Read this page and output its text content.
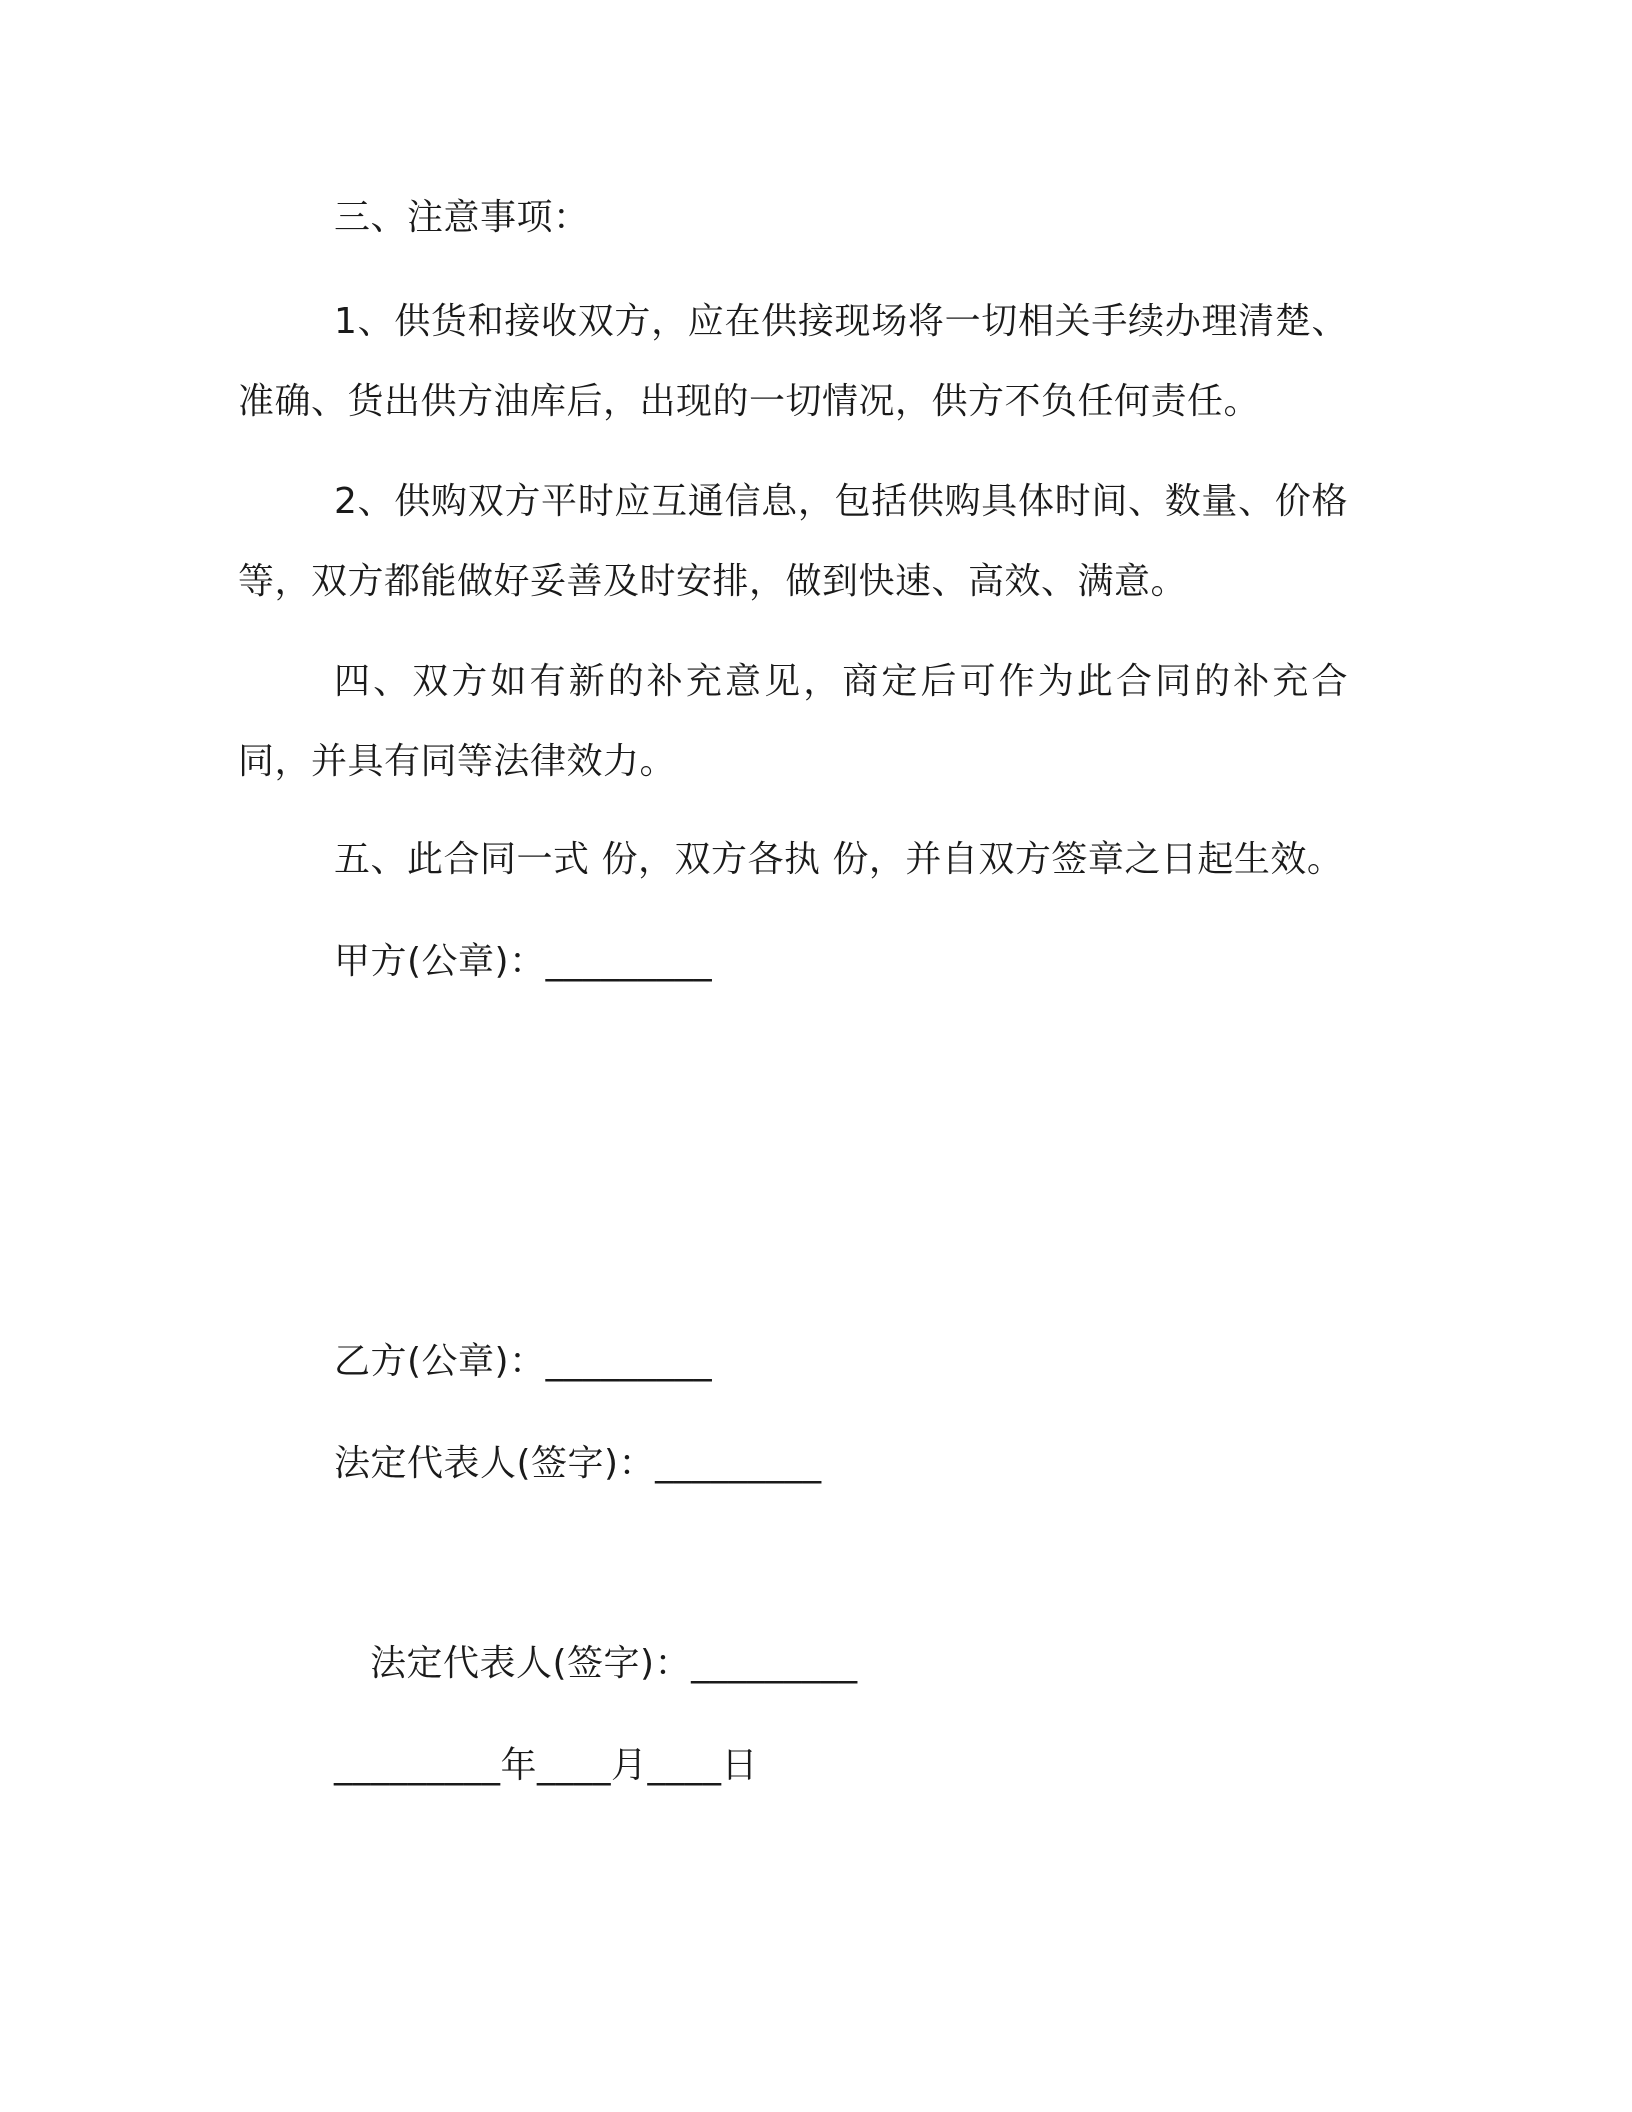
三、注意事项：
1、供货和接收双方，应在供接现场将一切相关手续办理清楚、准确、货出供方油库后，出现的一切情况，供方不负任何责任。
2、供购双方平时应互通信息，包括供购具体时间、数量、价格等，双方都能做好妥善及时安排，做到快速、高效、满意。
四、双方如有新的补充意见，商定后可作为此合同的补充合同，并具有同等法律效力。
五、此合同一式 份，双方各执 份，并自双方签章之日起生效。
甲方(公章)：_________
乙方(公章)：_________
法定代表人(签字)：_________
法定代表人(签字)：_________
_________年____月____日
